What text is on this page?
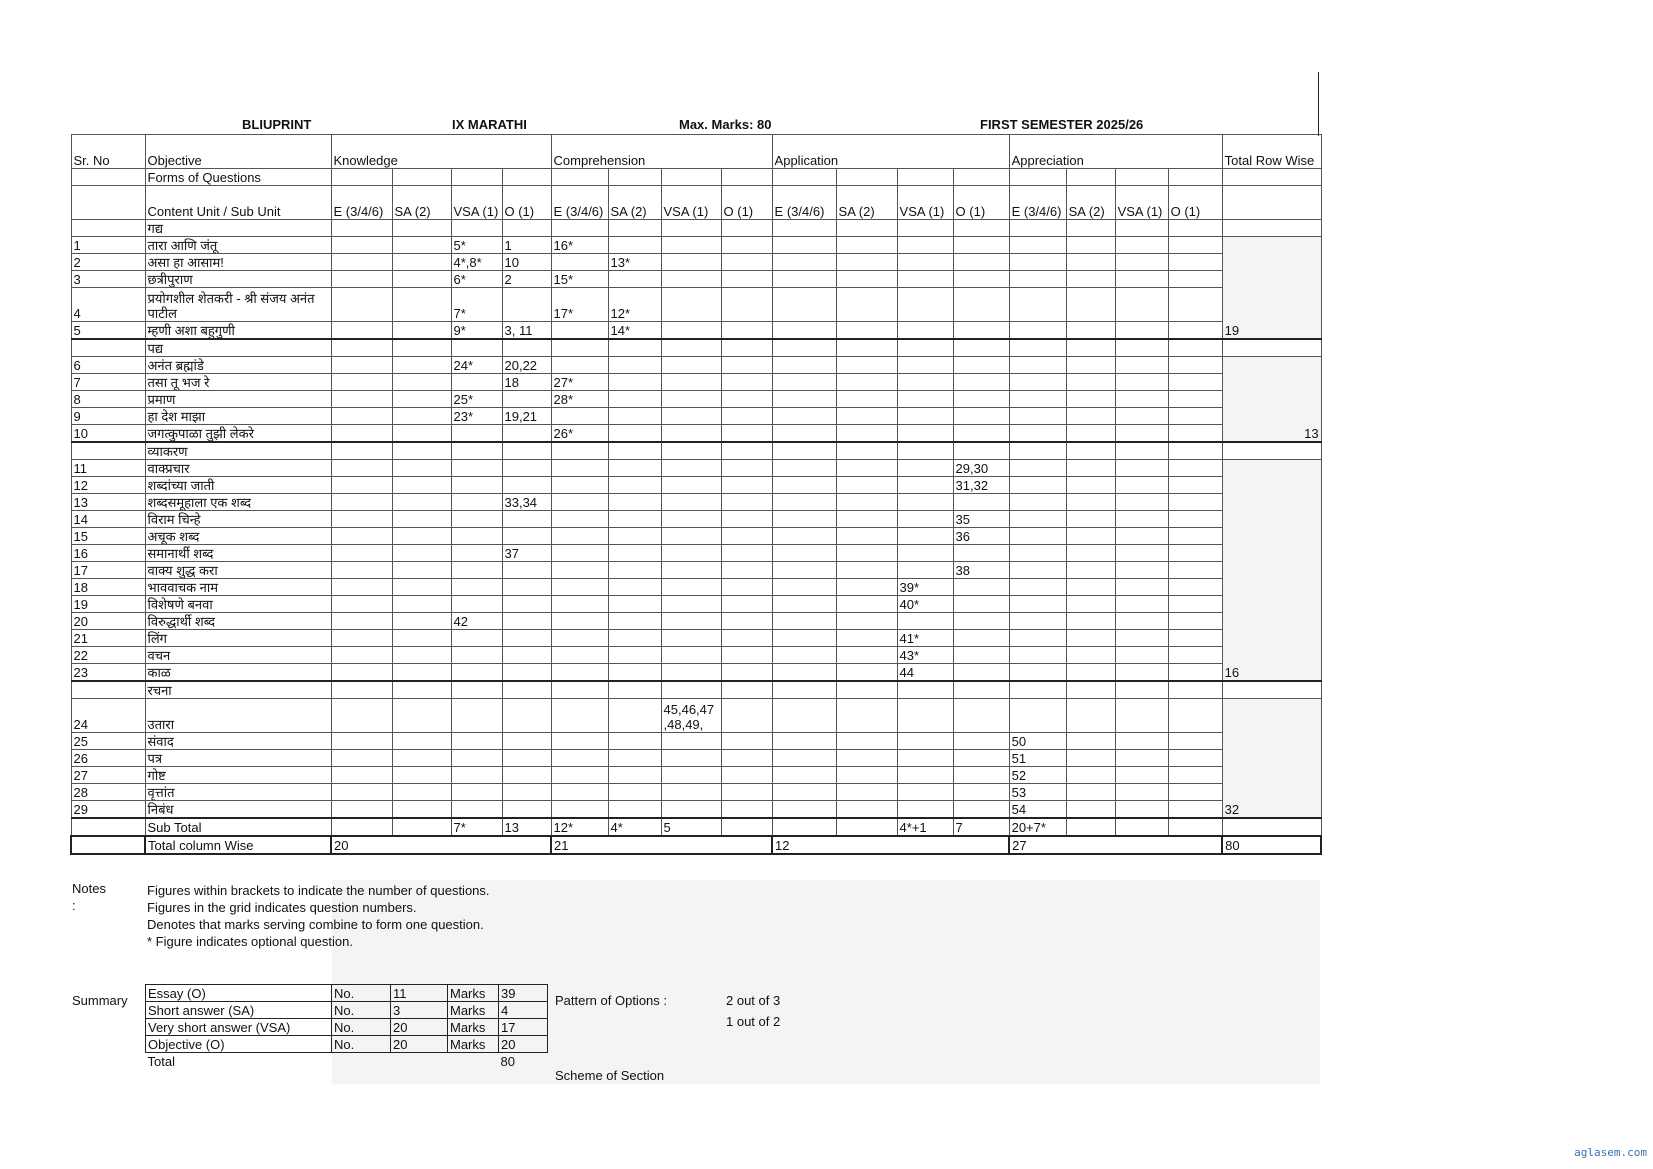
BLIUPRINT	IX MARATHI	Max. Marks: 80	FIRST SEMESTER 2025/26
Sr. No	Objective	Knowledge				Comprehension				Application				Appreciation				Total Row Wise
	Forms of Questions																	
	Content Unit / Sub Unit	E (3/4/6)	SA (2)	VSA (1)	O (1)	E (3/4/6)	SA (2)	VSA (1)	O (1)	E (3/4/6)	SA (2)	VSA (1)	O (1)	E (3/4/6)	SA (2)	VSA (1)	O (1)	
	गद्य																	
1	तारा आणि जंतू			5*	1	16*												19
2	असा हा आसाम!			4*,8*	10		13*											
3	छत्रीपुराण			6*	2	15*												
4	प्रयोगशील शेतकरी - श्री संजय अनंत पाटील			7*		17*	12*											
5	म्हणी अशा बहुगुणी			9*	3, 11		14*											
	पद्य																	
6	अनंत ब्रह्मांडे			24*	20,22													13
7	तसा तू भज रे				18	27*												
8	प्रमाण			25*		28*												
9	हा देश माझा			23*	19,21													
10	जगत्कुपाळा तुझी लेकरे					26*												
	व्याकरण																	
11	वाक्प्रचार												29,30					16
12	शब्दांच्या जाती												31,32					
13	शब्दसमूहाला एक शब्द				33,34													
14	विराम चिन्हे												35					
15	अचूक शब्द												36					
16	समानार्थी शब्द				37													
17	वाक्य शुद्ध करा												38					
18	भाववाचक नाम											39*						
19	विशेषणे बनवा											40*						
20	विरुद्धार्थी शब्द			42														
21	लिंग											41*						
22	वचन											43*						
23	काळ											44						
	रचना																	
24	उतारा							45,46,47 ,48,49,										32
25	संवाद													50				
26	पत्र													51				
27	गोष्ट													52				
28	वृत्तांत													53				
29	निबंध													54				
	Sub Total			7*	13	12*	4*	5				4*+1	7	20+7*				
	Total column Wise	20				21				12				27				80
Notes :
Figures within brackets to indicate the number of questions.
Figures in the grid indicates question numbers.
Denotes that marks serving combine to form one question.
* Figure indicates optional question.
Summary Essay (O)	No.	11	Marks	39
Short answer (SA)	No.	3	Marks	4
Very short answer (VSA)	No.	20	Marks	17
Objective (O)	No.	20	Marks	20
Total				80
Pattern of Options :	2 out of 3
1 out of 2
Scheme of Section
aglasem.com
